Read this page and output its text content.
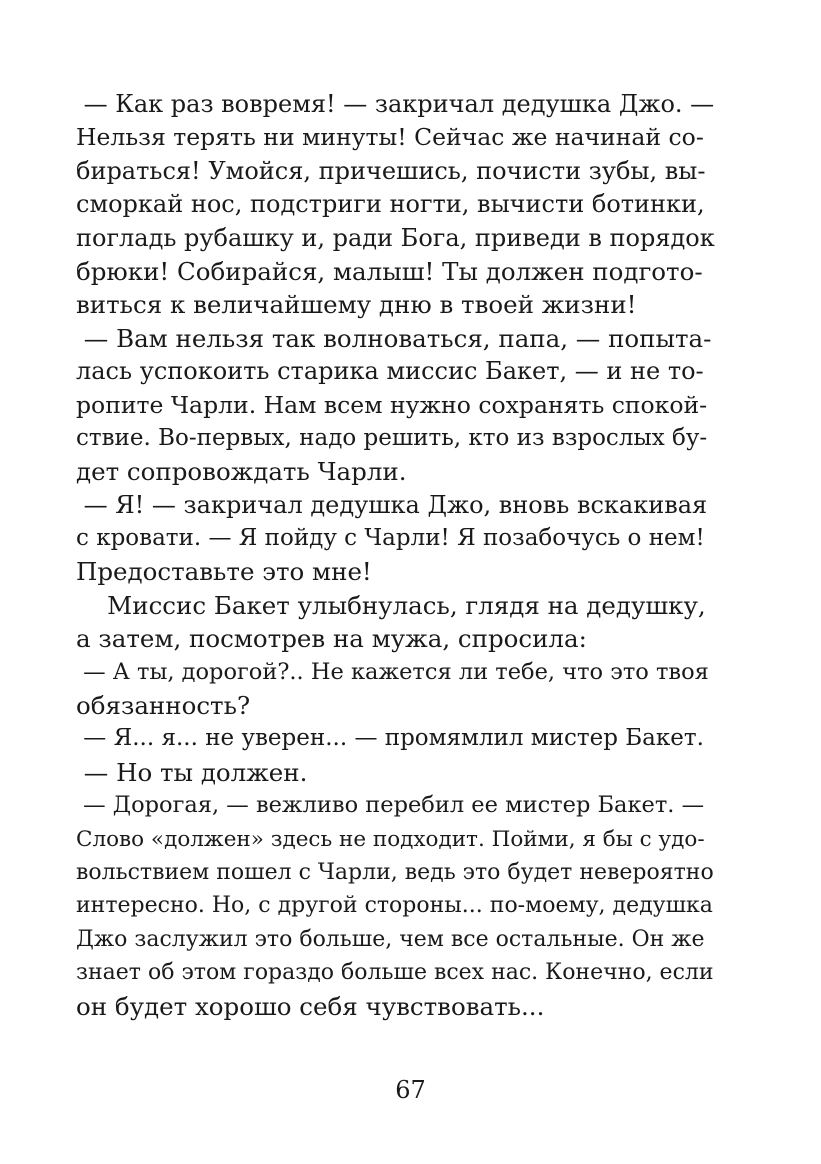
— Как раз вовремя! — закричал дедушка Джо. —
Нельзя терять ни минуты! Сейчас же начинай со-
бираться! Умойся, причешись, почисти зубы, вы-
сморкай нос, подстриги ногти, вычисти ботинки,
погладь рубашку и, ради Бога, приведи в порядок
брюки! Собирайся, малыш! Ты должен подгото-
виться к величайшему дню в твоей жизни!
— Вам нельзя так волноваться, папа, — попыта-
лась успокоить старика миссис Бакет, — и не то-
ропите Чарли. Нам всем нужно сохранять спокой-
ствие. Во-первых, надо решить, кто из взрослых бу-
дет сопровождать Чарли.
— Я! — закричал дедушка Джо, вновь вскакивая
с кровати. — Я пойду с Чарли! Я позабочусь о нем!
Предоставьте это мне!
Миссис Бакет улыбнулась, глядя на дедушку,
а затем, посмотрев на мужа, спросила:
— А ты, дорогой?.. Не кажется ли тебе, что это твоя
обязанность?
— Я... я... не уверен... — промямлил мистер Бакет.
— Но ты должен.
— Дорогая, — вежливо перебил ее мистер Бакет. —
Слово «должен» здесь не подходит. Пойми, я бы с удо-
вольствием пошел с Чарли, ведь это будет невероятно
интересно. Но, с другой стороны... по-моему, дедушка
Джо заслужил это больше, чем все остальные. Он же
знает об этом гораздо больше всех нас. Конечно, если
он будет хорошо себя чувствовать...
67
